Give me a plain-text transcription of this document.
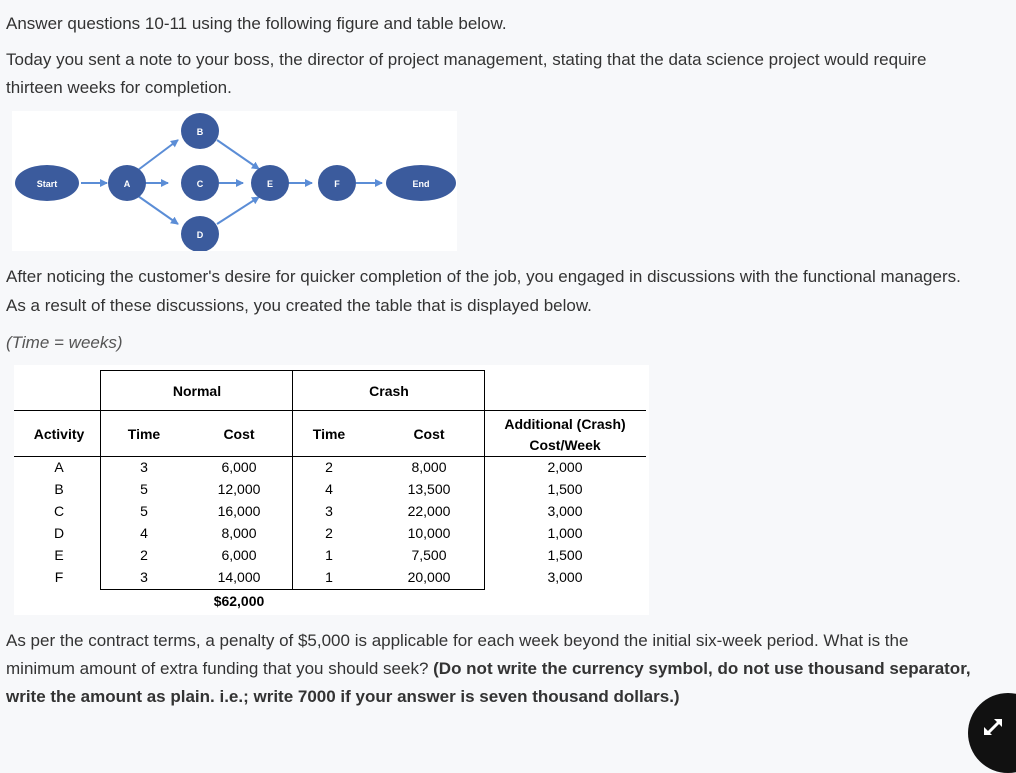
Answer questions 10-11 using the following figure and table below.

Today you sent a note to your boss, the director of project management, stating that the data science project would require

thirteen weeks for completion.

Start	A
B
C
D
E	F	End

After noticing the customer's desire for quicker completion of the job, you engaged in discussions with the functional managers.

As a result of these discussions, you created the table that is displayed below.

(Time = weeks)

Normal	Crash
Activity	Time	Cost	Time	Cost
Additional (Crash)
Cost/Week
A	3	6,000	2	8,000	2,000
B	5	12,000	4	13,500	1,500
C	5	16,000	3	22,000	3,000
D	4	8,000	2	10,000	1,000
E	2	6,000	1	7,500	1,500
F	3	14,000	1	20,000	3,000
$62,000

As per the contract terms, a penalty of $5,000 is applicable for each week beyond the initial six-week period. What is the

minimum amount of extra funding that you should seek? (Do not write the currency symbol, do not use thousand separator,

write the amount as plain. i.e.; write 7000 if your answer is seven thousand dollars.)
